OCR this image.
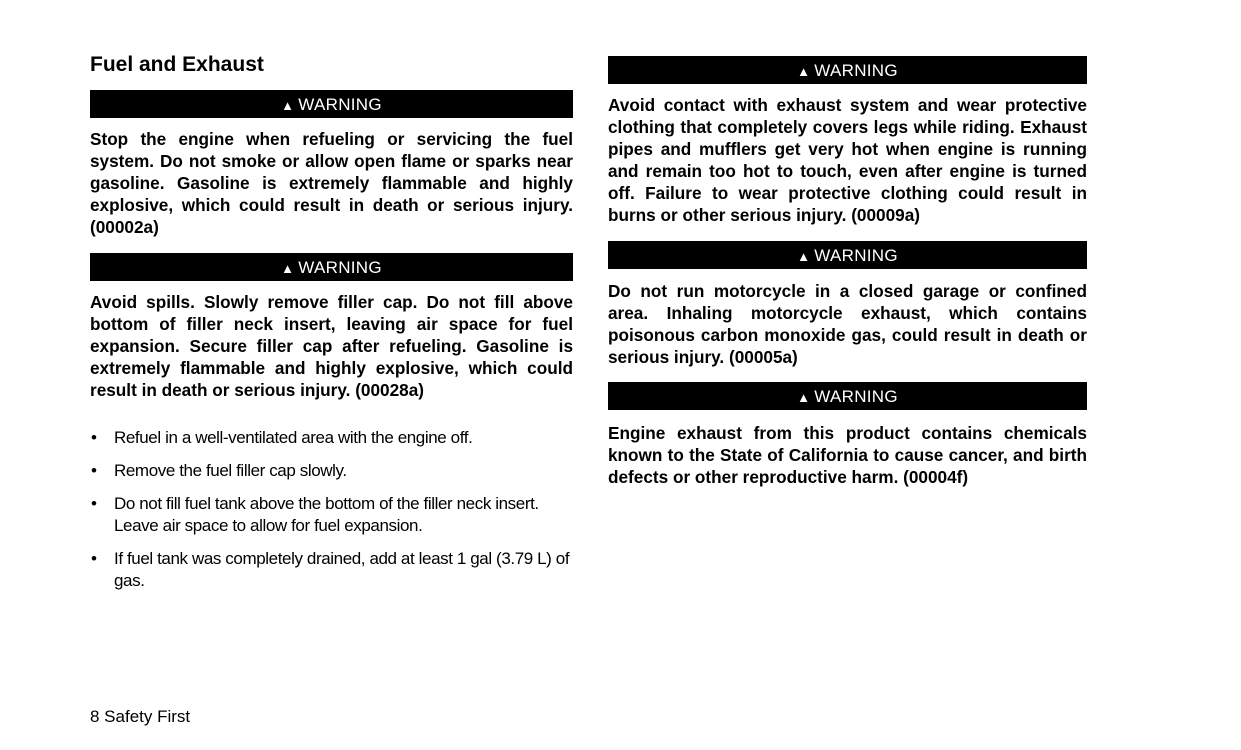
Fuel and Exhaust
▲ WARNING
Stop the engine when refueling or servicing the fuel system. Do not smoke or allow open flame or sparks near gasoline. Gasoline is extremely flammable and highly explosive, which could result in death or serious injury. (00002a)
▲ WARNING
Avoid spills. Slowly remove filler cap. Do not fill above bottom of filler neck insert, leaving air space for fuel expansion. Secure filler cap after refueling. Gasoline is extremely flammable and highly explosive, which could result in death or serious injury. (00028a)
• Refuel in a well-ventilated area with the engine off.
• Remove the fuel filler cap slowly.
• Do not fill fuel tank above the bottom of the filler neck insert. Leave air space to allow for fuel expansion.
• If fuel tank was completely drained, add at least 1 gal (3.79 L) of gas.
▲ WARNING
Avoid contact with exhaust system and wear protective clothing that completely covers legs while riding. Exhaust pipes and mufflers get very hot when engine is running and remain too hot to touch, even after engine is turned off. Failure to wear protective clothing could result in burns or other serious injury. (00009a)
▲ WARNING
Do not run motorcycle in a closed garage or confined area. Inhaling motorcycle exhaust, which contains poisonous carbon monoxide gas, could result in death or serious injury. (00005a)
▲ WARNING
Engine exhaust from this product contains chemicals known to the State of California to cause cancer, and birth defects or other reproductive harm. (00004f)
8 Safety First
